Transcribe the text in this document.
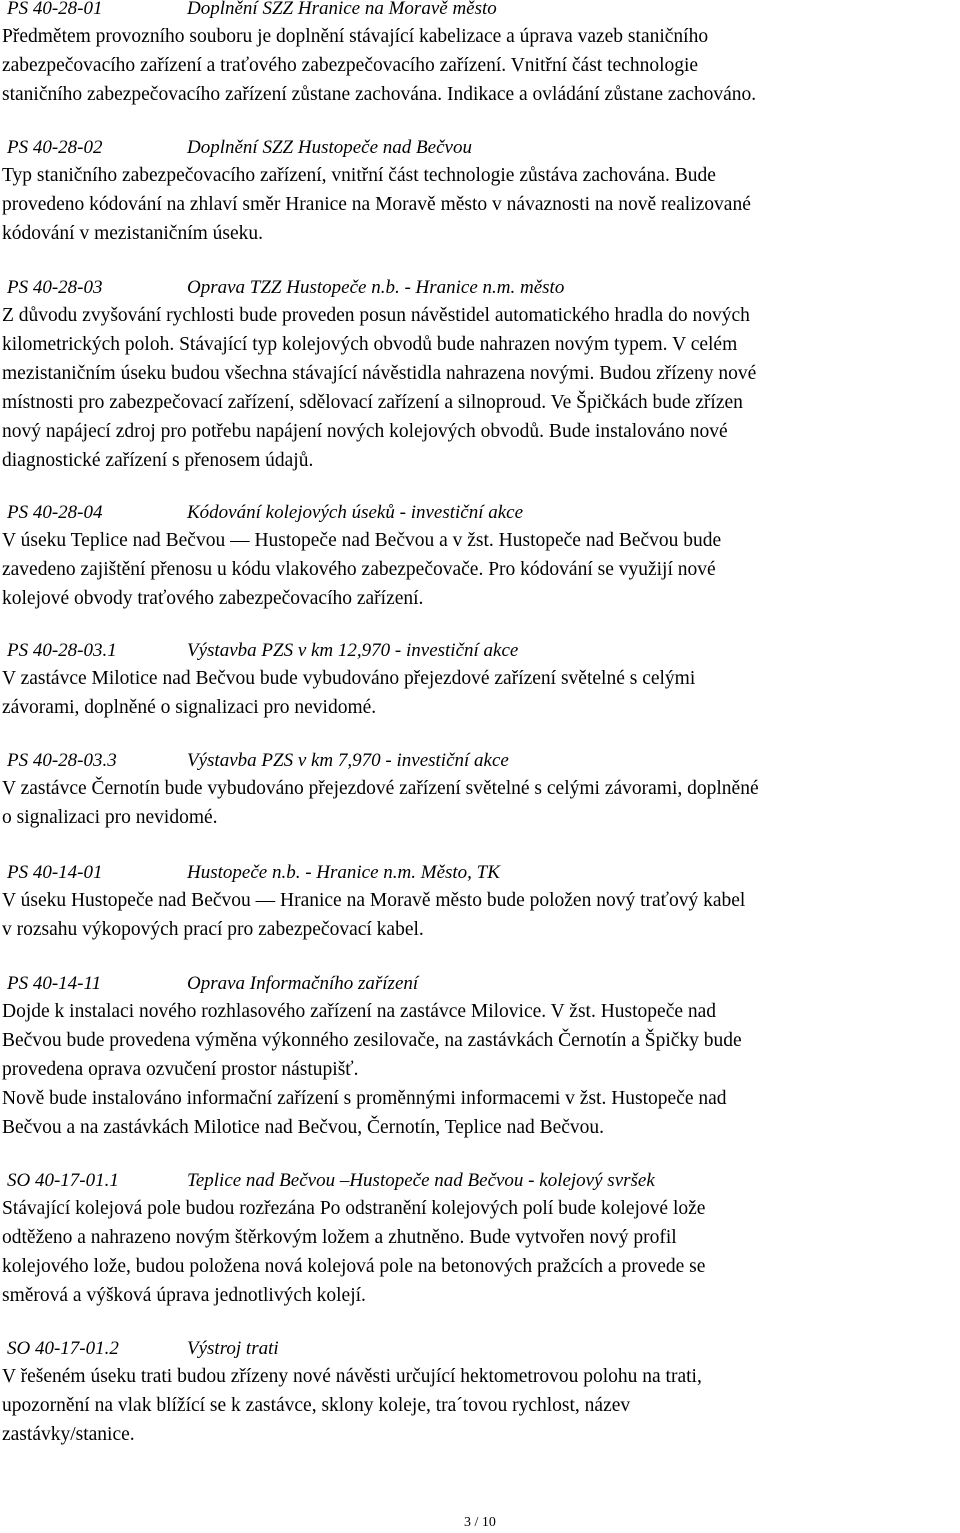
PS 40-28-01	Doplnění SZZ Hranice na Moravě město
Předmětem provozního souboru je doplnění stávající kabelizace a úprava vazeb staničního
zabezpečovacího zařízení a traťového zabezpečovacího zařízení. Vnitřní část technologie
staničního zabezpečovacího zařízení zůstane zachována. Indikace a ovládání zůstane zachováno.
PS 40-28-02	Doplnění SZZ Hustopeče nad Bečvou
Typ staničního zabezpečovacího zařízení, vnitřní část technologie zůstáva zachována. Bude
provedeno kódování na zhlaví směr Hranice na Moravě město v návaznosti na nově realizované
kódování v mezistaničním úseku.
PS 40-28-03	Oprava TZZ Hustopeče n.b. - Hranice n.m. město
Z důvodu zvyšování rychlosti bude proveden posun návěstidel automatického hradla do nových
kilometrických poloh. Stávající typ kolejových obvodů bude nahrazen novým typem. V celém
mezistaničním úseku budou všechna stávající návěstidla nahrazena novými. Budou zřízeny nové
místnosti pro zabezpečovací zařízení, sdělovací zařízení a silnoproud. Ve Špičkách bude zřízen
nový napájecí zdroj pro potřebu napájení nových kolejových obvodů. Bude instalováno nové
diagnostické zařízení s přenosem údajů.
PS 40-28-04	Kódování kolejových úseků - investiční akce
V úseku Teplice nad Bečvou — Hustopeče nad Bečvou a v žst. Hustopeče nad Bečvou bude
zavedeno zajištění přenosu u kódu vlakového zabezpečovače. Pro kódování se využijí nové
kolejové obvody traťového zabezpečovacího zařízení.
PS 40-28-03.1	Výstavba PZS v km 12,970 - investiční akce
V zastávce Milotice nad Bečvou bude vybudováno přejezdové zařízení světelné s celými
závorami, doplněné o signalizaci pro nevidomé.
PS 40-28-03.3	Výstavba PZS v km 7,970 - investiční akce
V zastávce Černotín bude vybudováno přejezdové zařízení světelné s celými závorami, doplněné
o signalizaci pro nevidomé.
PS 40-14-01	Hustopeče n.b. - Hranice n.m. Město, TK
V úseku Hustopeče nad Bečvou — Hranice na Moravě město bude položen nový traťový kabel
v rozsahu výkopových prací pro zabezpečovací kabel.
PS 40-14-11	Oprava Informačního zařízení
Dojde k instalaci nového rozhlasového zařízení na zastávce Milovice. V žst. Hustopeče nad
Bečvou bude provedena výměna výkonného zesilovače, na zastávkách Černotín a Špičky bude
provedena oprava ozvučení prostor nástupišť.
Nově bude instalováno informační zařízení s proměnnými informacemi v žst. Hustopeče nad
Bečvou a na zastávkách Milotice nad Bečvou, Černotín, Teplice nad Bečvou.
SO 40-17-01.1	Teplice nad Bečvou –Hustopeče nad Bečvou - kolejový svršek
Stávající kolejová pole budou rozřezána Po odstranění kolejových polí bude kolejové lože
odtěženo a nahrazeno novým štěrkovým ložem a zhutněno. Bude vytvořen nový profil
kolejového lože, budou položena nová kolejová pole na betonových pražcích a provede se
směrová a výšková úprava jednotlivých kolejí.
SO 40-17-01.2	Výstroj trati
V řešeném úseku trati budou zřízeny nové návěsti určující hektometrovou polohu na trati,
upozornění na vlak blížící se k zastávce, sklony koleje, tra´tovou rychlost, název
zastávky/stanice.
3 / 10
